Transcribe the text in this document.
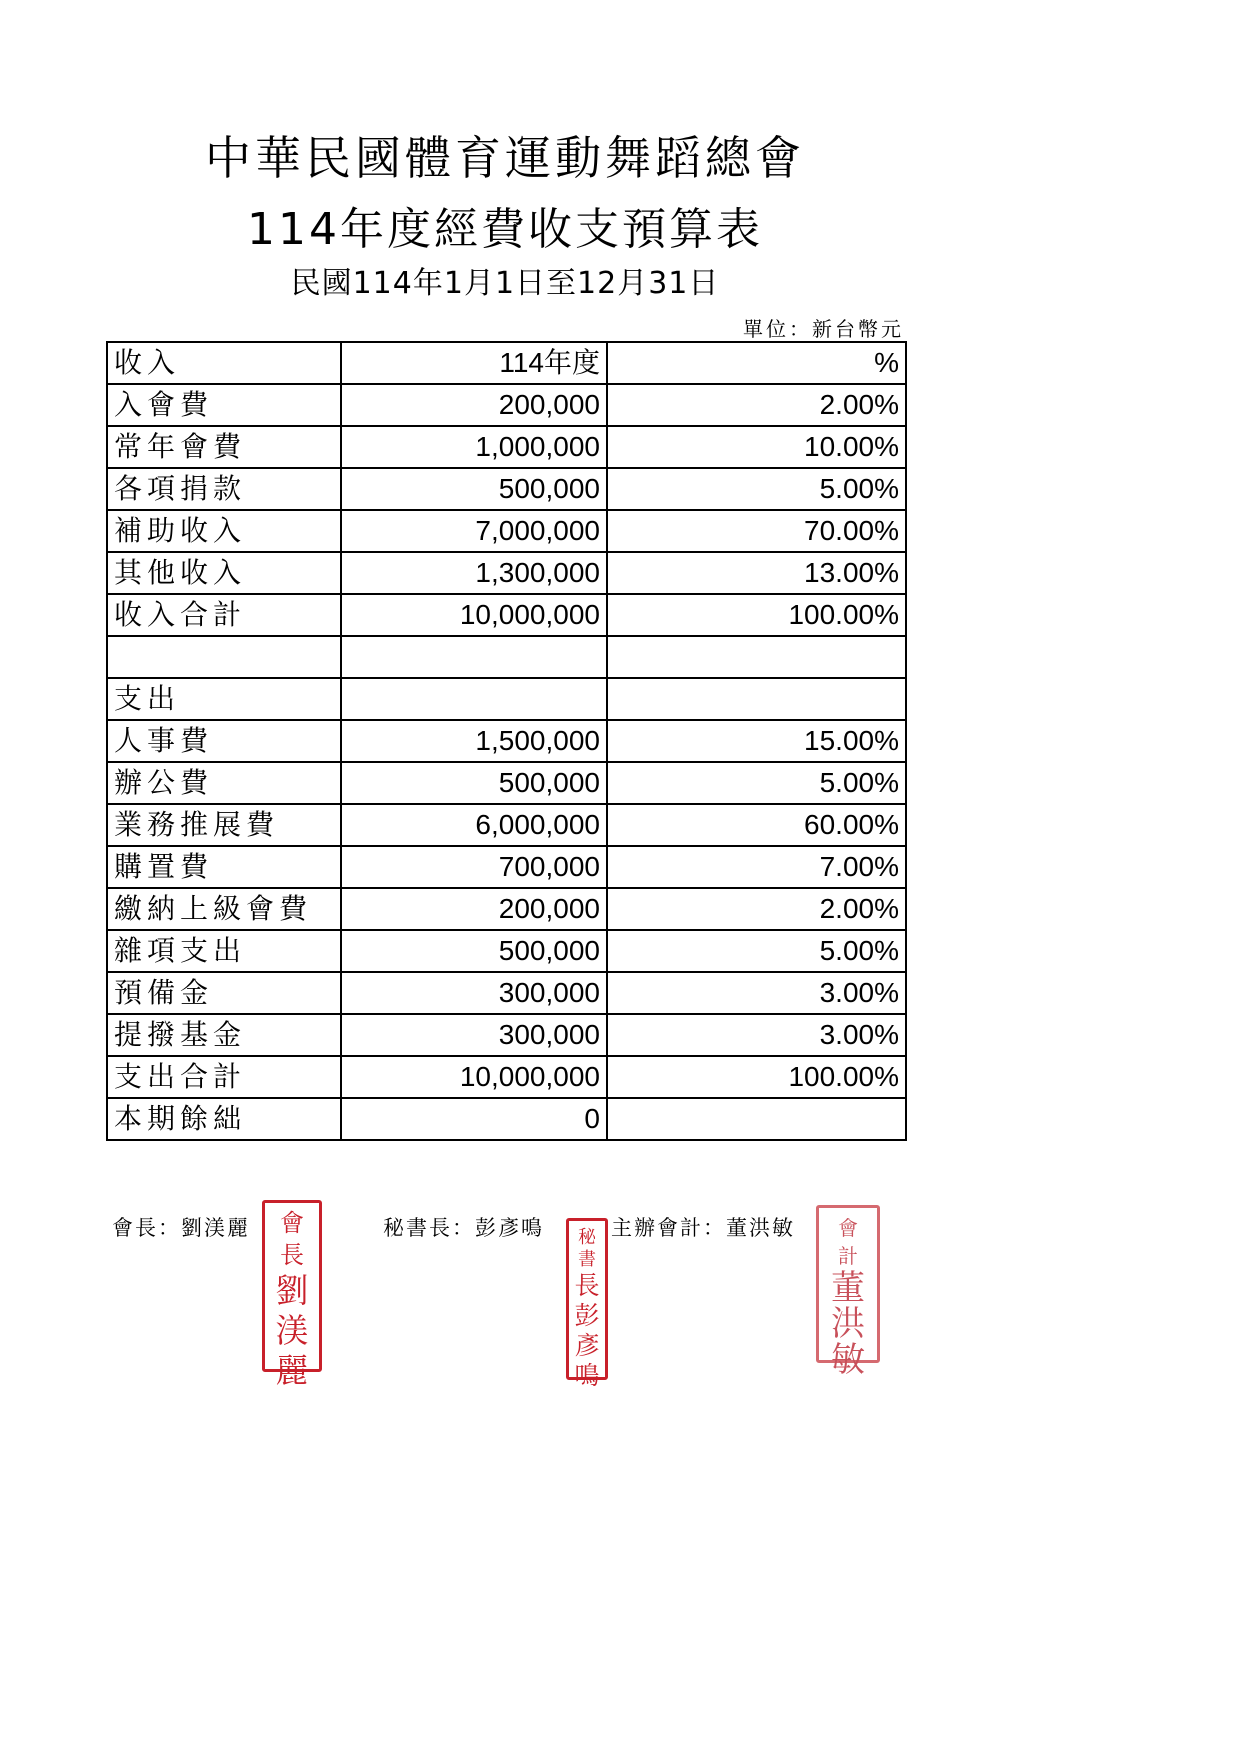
中華民國體育運動舞蹈總會
114年度經費收支預算表
民國114年1月1日至12月31日
單位：新台幣元
收入	114年度	%
入會費	200,000	2.00%
常年會費	1,000,000	10.00%
各項捐款	500,000	5.00%
補助收入	7,000,000	70.00%
其他收入	1,300,000	13.00%
收入合計	10,000,000	100.00%

支出		
人事費	1,500,000	15.00%
辦公費	500,000	5.00%
業務推展費	6,000,000	60.00%
購置費	700,000	7.00%
繳納上級會費	200,000	2.00%
雜項支出	500,000	5.00%
預備金	300,000	3.00%
提撥基金	300,000	3.00%
支出合計	10,000,000	100.00%
本期餘絀	0	
會長：劉渼麗	秘書長：彭彥鳴	主辦會計：董洪敏
會
長
劉
渼
麗
秘
書
長
彭
彥
鳴
會
計
董
洪
敏
